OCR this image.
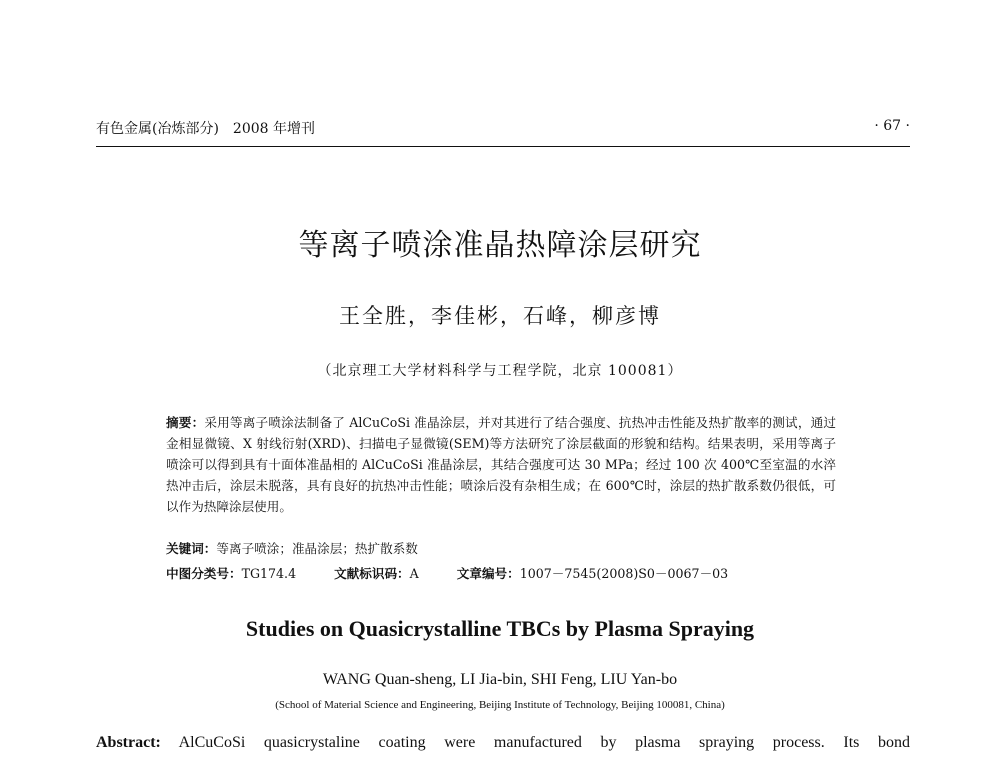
有色金属(冶炼部分)　2008 年增刊	· 67 ·
等离子喷涂准晶热障涂层研究
王全胜，李佳彬，石峰，柳彦博
（北京理工大学材料科学与工程学院，北京 100081）
摘要：采用等离子喷涂法制备了 AlCuCoSi 准晶涂层，并对其进行了结合强度、抗热冲击性能及热扩散率的测试，通过金相显微镜、X 射线衍射(XRD)、扫描电子显微镜(SEM)等方法研究了涂层截面的形貌和结构。结果表明，采用等离子喷涂可以得到具有十面体准晶相的 AlCuCoSi 准晶涂层，其结合强度可达 30 MPa；经过 100 次 400℃至室温的水淬热冲击后，涂层未脱落，具有良好的抗热冲击性能；喷涂后没有杂相生成；在 600℃时，涂层的热扩散系数仍很低，可以作为热障涂层使用。
关键词：等离子喷涂；准晶涂层；热扩散系数
中图分类号：TG174.4	文献标识码：A	文章编号：1007－7545(2008)S0－0067－03
Studies on Quasicrystalline TBCs by Plasma Spraying
WANG Quan-sheng, LI Jia-bin, SHI Feng, LIU Yan-bo
(School of Material Science and Engineering, Beijing Institute of Technology, Beijing 100081, China)
Abstract: AlCuCoSi quasicrystaline coating were manufactured by plasma spraying process. Its bond
